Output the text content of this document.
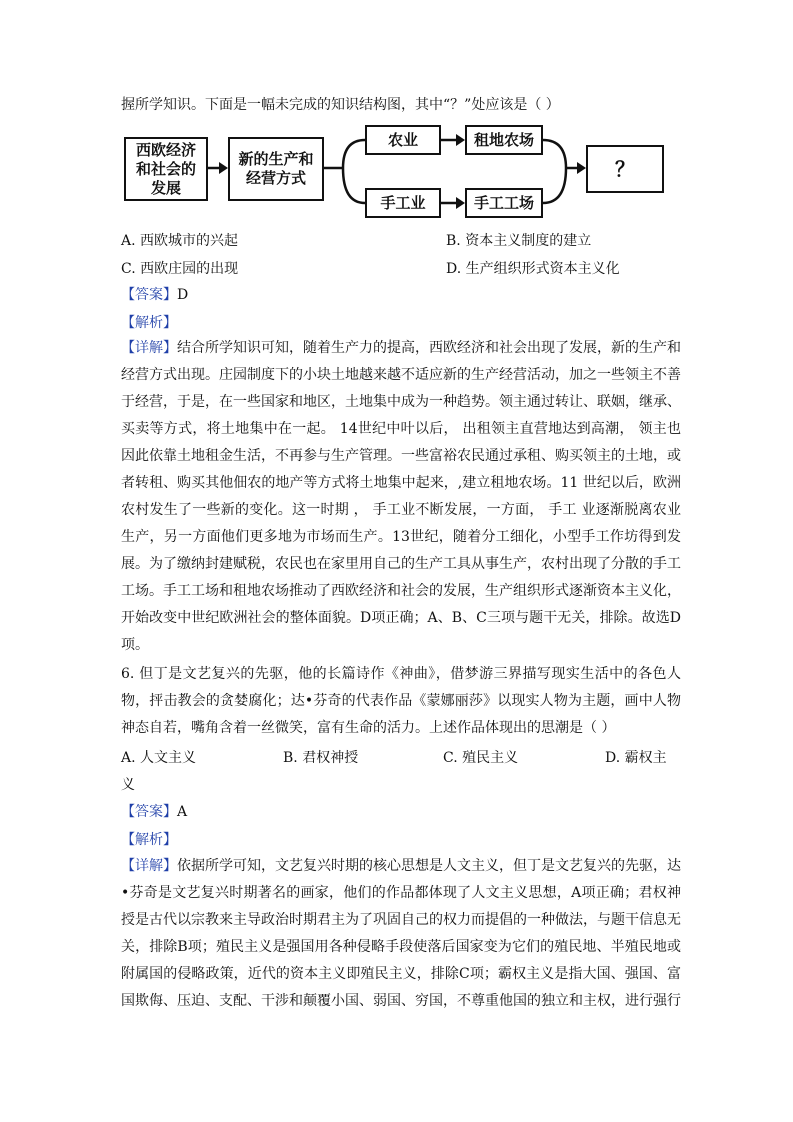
握所学知识。下面是一幅未完成的知识结构图，其中“？”处应该是（ ）
西欧经济和社会的发展
新的生产和经营方式
农业	租地农场
手工业	手工工场
？
A. 西欧城市的兴起	B. 资本主义制度的建立
C. 西欧庄园的出现	D. 生产组织形式资本主义化
【答案】D
【解析】
【详解】结合所学知识可知，随着生产力的提高，西欧经济和社会出现了发展，新的生产和经营方式出现。庄园制度下的小块土地越来越不适应新的生产经营活动，加之一些领主不善于经营，于是，在一些国家和地区，土地集中成为一种趋势。领主通过转让、联姻，继承、买卖等方式，将土地集中在一起。 14世纪中叶以后， 出租领主直营地达到高潮， 领主也因此依靠土地租金生活，不再参与生产管理。一些富裕农民通过承租、购买领主的土地，或者转租、购买其他佃农的地产等方式将土地集中起来，,建立租地农场。11 世纪以后，欧洲农村发生了一些新的变化。这一时期 ， 手工业不断发展，一方面， 手工 业逐渐脱离农业生产，另一方面他们更多地为市场而生产。13世纪，随着分工细化，小型手工作坊得到发展。为了缴纳封建赋税，农民也在家里用自己的生产工具从事生产，农村出现了分散的手工工场。手工工场和租地农场推动了西欧经济和社会的发展，生产组织形式逐渐资本主义化，开始改变中世纪欧洲社会的整体面貌。D项正确；A、B、C三项与题干无关，排除。故选D项。
6. 但丁是文艺复兴的先驱，他的长篇诗作《神曲》，借梦游三界描写现实生活中的各色人物，抨击教会的贪婪腐化；达•芬奇的代表作品《蒙娜丽莎》以现实人物为主题，画中人物神态自若，嘴角含着一丝微笑，富有生命的活力。上述作品体现出的思潮是（ ）
A. 人文主义	B. 君权神授	C. 殖民主义	D. 霸权主
义
【答案】A
【解析】
【详解】依据所学可知，文艺复兴时期的核心思想是人文主义，但丁是文艺复兴的先驱，达•芬奇是文艺复兴时期著名的画家，他们的作品都体现了人文主义思想，A项正确；君权神授是古代以宗教来主导政治时期君主为了巩固自己的权力而提倡的一种做法，与题干信息无关，排除B项；殖民主义是强国用各种侵略手段使落后国家变为它们的殖民地、半殖民地或附属国的侵略政策，近代的资本主义即殖民主义，排除C项；霸权主义是指大国、强国、富国欺侮、压迫、支配、干涉和颠覆小国、弱国、穷国，不尊重他国的独立和主权，进行强行
